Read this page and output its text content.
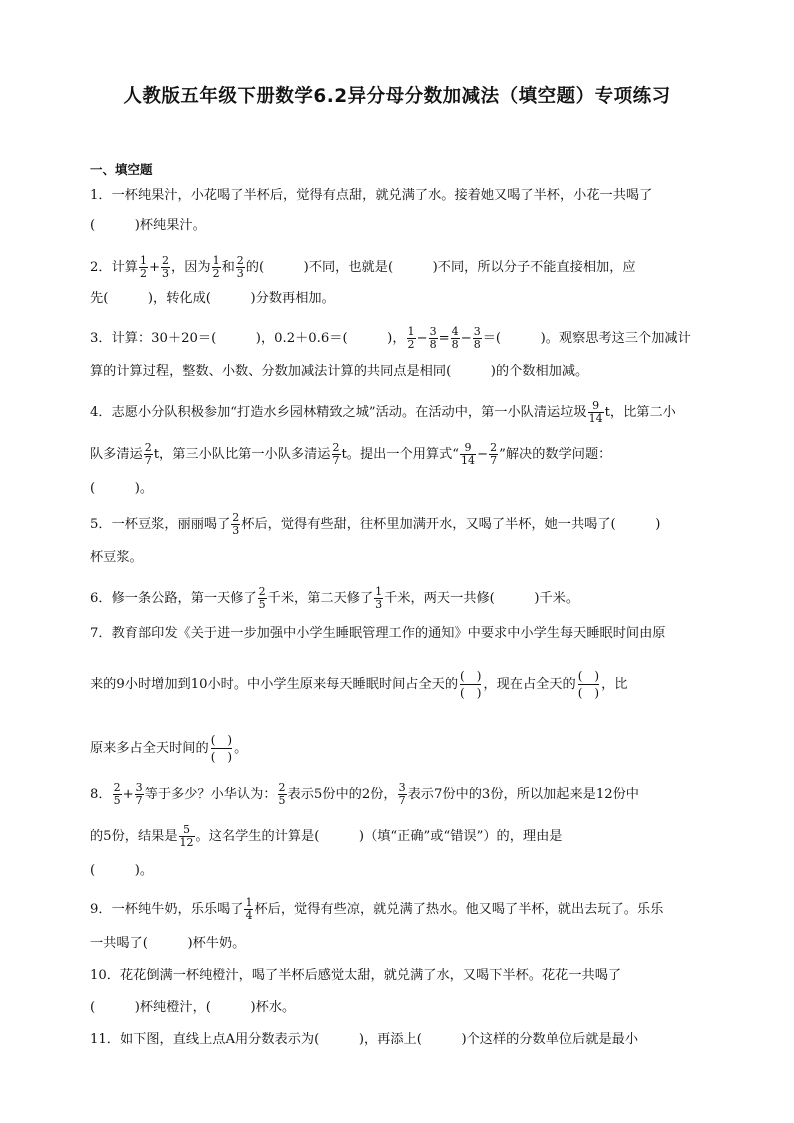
人教版五年级下册数学6.2异分母分数加减法（填空题）专项练习
一、填空题
1．一杯纯果汁，小花喝了半杯后，觉得有点甜，就兑满了水。接着她又喝了半杯，小花一共喝了
(　　　)杯纯果汁。
2．计算 $\frac{1}{2} + \frac{2}{3}$ ，因为 $\frac{1}{2}$ 和 $\frac{2}{3}$ 的(　　　)不同，也就是(　　　)不同，所以分子不能直接相加，应
先(　　　)，转化成(　　　)分数再相加。
3．计算：30＋20＝(　　　)，0.2＋0.6＝(　　　)， $\frac{1}{2} - \frac{3}{8} = \frac{4}{8} - \frac{3}{8}$ ＝(　　　)。观察思考这三个加减计
算的计算过程，整数、小数、分数加减法计算的共同点是相同(　　　)的个数相加减。
4．志愿小分队积极参加“打造水乡园林精致之城”活动。在活动中，第一小队清运垃圾 $\frac{9}{14}$ t，比第二小
队多清运 $\frac{2}{7}$ t，第三小队比第一小队多清运 $\frac{2}{7}$ t。提出一个用算式“ $\frac{9}{14} - \frac{2}{7}$ ”解决的数学问题：
(　　　)。
5．一杯豆浆，丽丽喝了 $\frac{2}{3}$ 杯后，觉得有些甜，往杯里加满开水，又喝了半杯，她一共喝了(　　　)
杯豆浆。
6．修一条公路，第一天修了 $\frac{2}{5}$ 千米，第二天修了 $\frac{1}{3}$ 千米，两天一共修(　　　)千米。
7．教育部印发《关于进一步加强中小学生睡眠管理工作的通知》中要求中小学生每天睡眠时间由原
来的9小时增加到10小时。中小学生原来每天睡眠时间占全天的
(　)
(　)
，现在占全天的
(　)
(　)
，比
原来多占全天时间的
(　)
(　)
。
8． $\frac{2}{5} + \frac{3}{7}$ 等于多少？小华认为： $\frac{2}{5}$ 表示5份中的2份， $\frac{3}{7}$ 表示7份中的3份，所以加起来是12份中
的5份，结果是 $\frac{5}{12}$ 。这名学生的计算是(　　　)（填“正确”或“错误”）的，理由是
(　　　)。
9．一杯纯牛奶，乐乐喝了 $\frac{1}{4}$ 杯后，觉得有些凉，就兑满了热水。他又喝了半杯，就出去玩了。乐乐
一共喝了(　　　)杯牛奶。
10．花花倒满一杯纯橙汁，喝了半杯后感觉太甜，就兑满了水，又喝下半杯。花花一共喝了
(　　　)杯纯橙汁，(　　　)杯水。
11．如下图，直线上点A用分数表示为(　　　)，再添上(　　　)个这样的分数单位后就是最小
